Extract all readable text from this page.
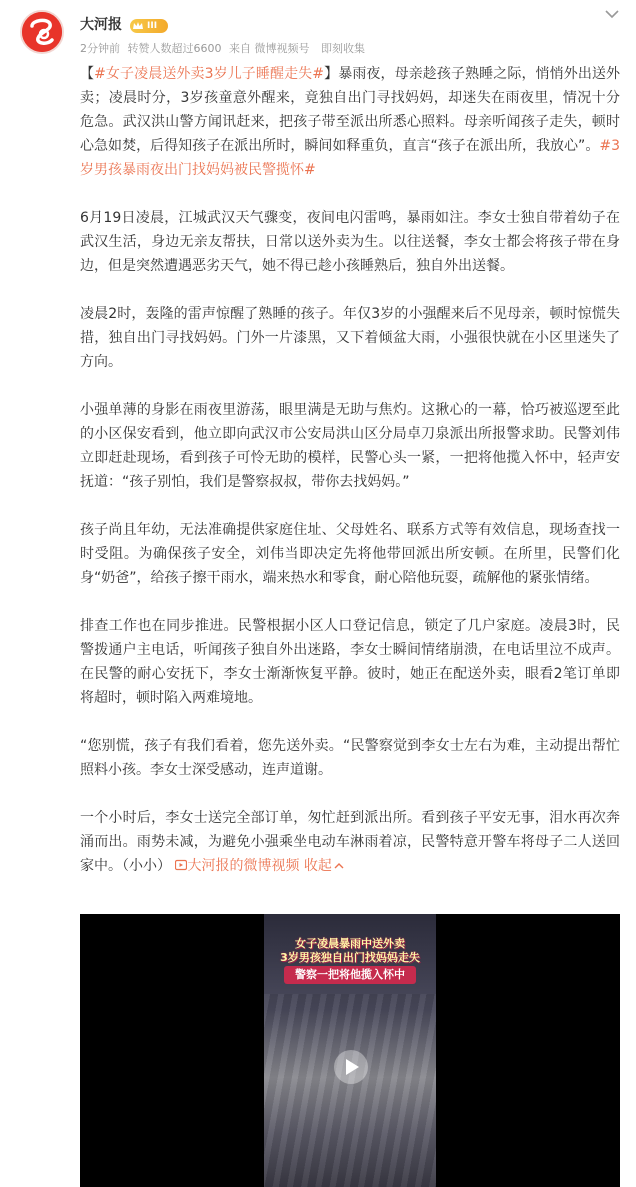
大河报	III
2分钟前 转赞人数超过6600 来自 微博视频号 即刻收集

【#女子凌晨送外卖3岁儿子睡醒走失#】暴雨夜，母亲趁孩子熟睡之际，悄悄外出送外卖；凌晨时分，3岁孩童意外醒来，竟独自出门寻找妈妈，却迷失在雨夜里，情况十分危急。武汉洪山警方闻讯赶来，把孩子带至派出所悉心照料。母亲听闻孩子走失，顿时心急如焚，后得知孩子在派出所时，瞬间如释重负，直言“孩子在派出所，我放心”。#3岁男孩暴雨夜出门找妈妈被民警揽怀#

6月19日凌晨，江城武汉天气骤变，夜间电闪雷鸣，暴雨如注。李女士独自带着幼子在武汉生活，身边无亲友帮扶，日常以送外卖为生。以往送餐，李女士都会将孩子带在身边，但是突然遭遇恶劣天气，她不得已趁小孩睡熟后，独自外出送餐。

凌晨2时，轰隆的雷声惊醒了熟睡的孩子。年仅3岁的小强醒来后不见母亲，顿时惊慌失措，独自出门寻找妈妈。门外一片漆黑，又下着倾盆大雨，小强很快就在小区里迷失了方向。

小强单薄的身影在雨夜里游荡，眼里满是无助与焦灼。这揪心的一幕，恰巧被巡逻至此的小区保安看到，他立即向武汉市公安局洪山区分局卓刀泉派出所报警求助。民警刘伟立即赶赴现场，看到孩子可怜无助的模样，民警心头一紧，一把将他揽入怀中，轻声安抚道：“孩子别怕，我们是警察叔叔，带你去找妈妈。”

孩子尚且年幼，无法准确提供家庭住址、父母姓名、联系方式等有效信息，现场查找一时受阻。为确保孩子安全，刘伟当即决定先将他带回派出所安顿。在所里，民警们化身“奶爸”，给孩子擦干雨水，端来热水和零食，耐心陪他玩耍，疏解他的紧张情绪。

排查工作也在同步推进。民警根据小区人口登记信息，锁定了几户家庭。凌晨3时，民警拨通户主电话，听闻孩子独自外出迷路，李女士瞬间情绪崩溃，在电话里泣不成声。在民警的耐心安抚下，李女士渐渐恢复平静。彼时，她正在配送外卖，眼看2笔订单即将超时，顿时陷入两难境地。

“您别慌，孩子有我们看着，您先送外卖。“民警察觉到李女士左右为难，主动提出帮忙照料小孩。李女士深受感动，连声道谢。

一个小时后，李女士送完全部订单，匆忙赶到派出所。看到孩子平安无事，泪水再次奔涌而出。雨势未减，为避免小强乘坐电动车淋雨着凉，民警特意开警车将母子二人送回家中。（小小） 大河报的微博视频 收起

女子凌晨暴雨中送外卖
3岁男孩独自出门找妈妈走失
警察一把将他揽入怀中
